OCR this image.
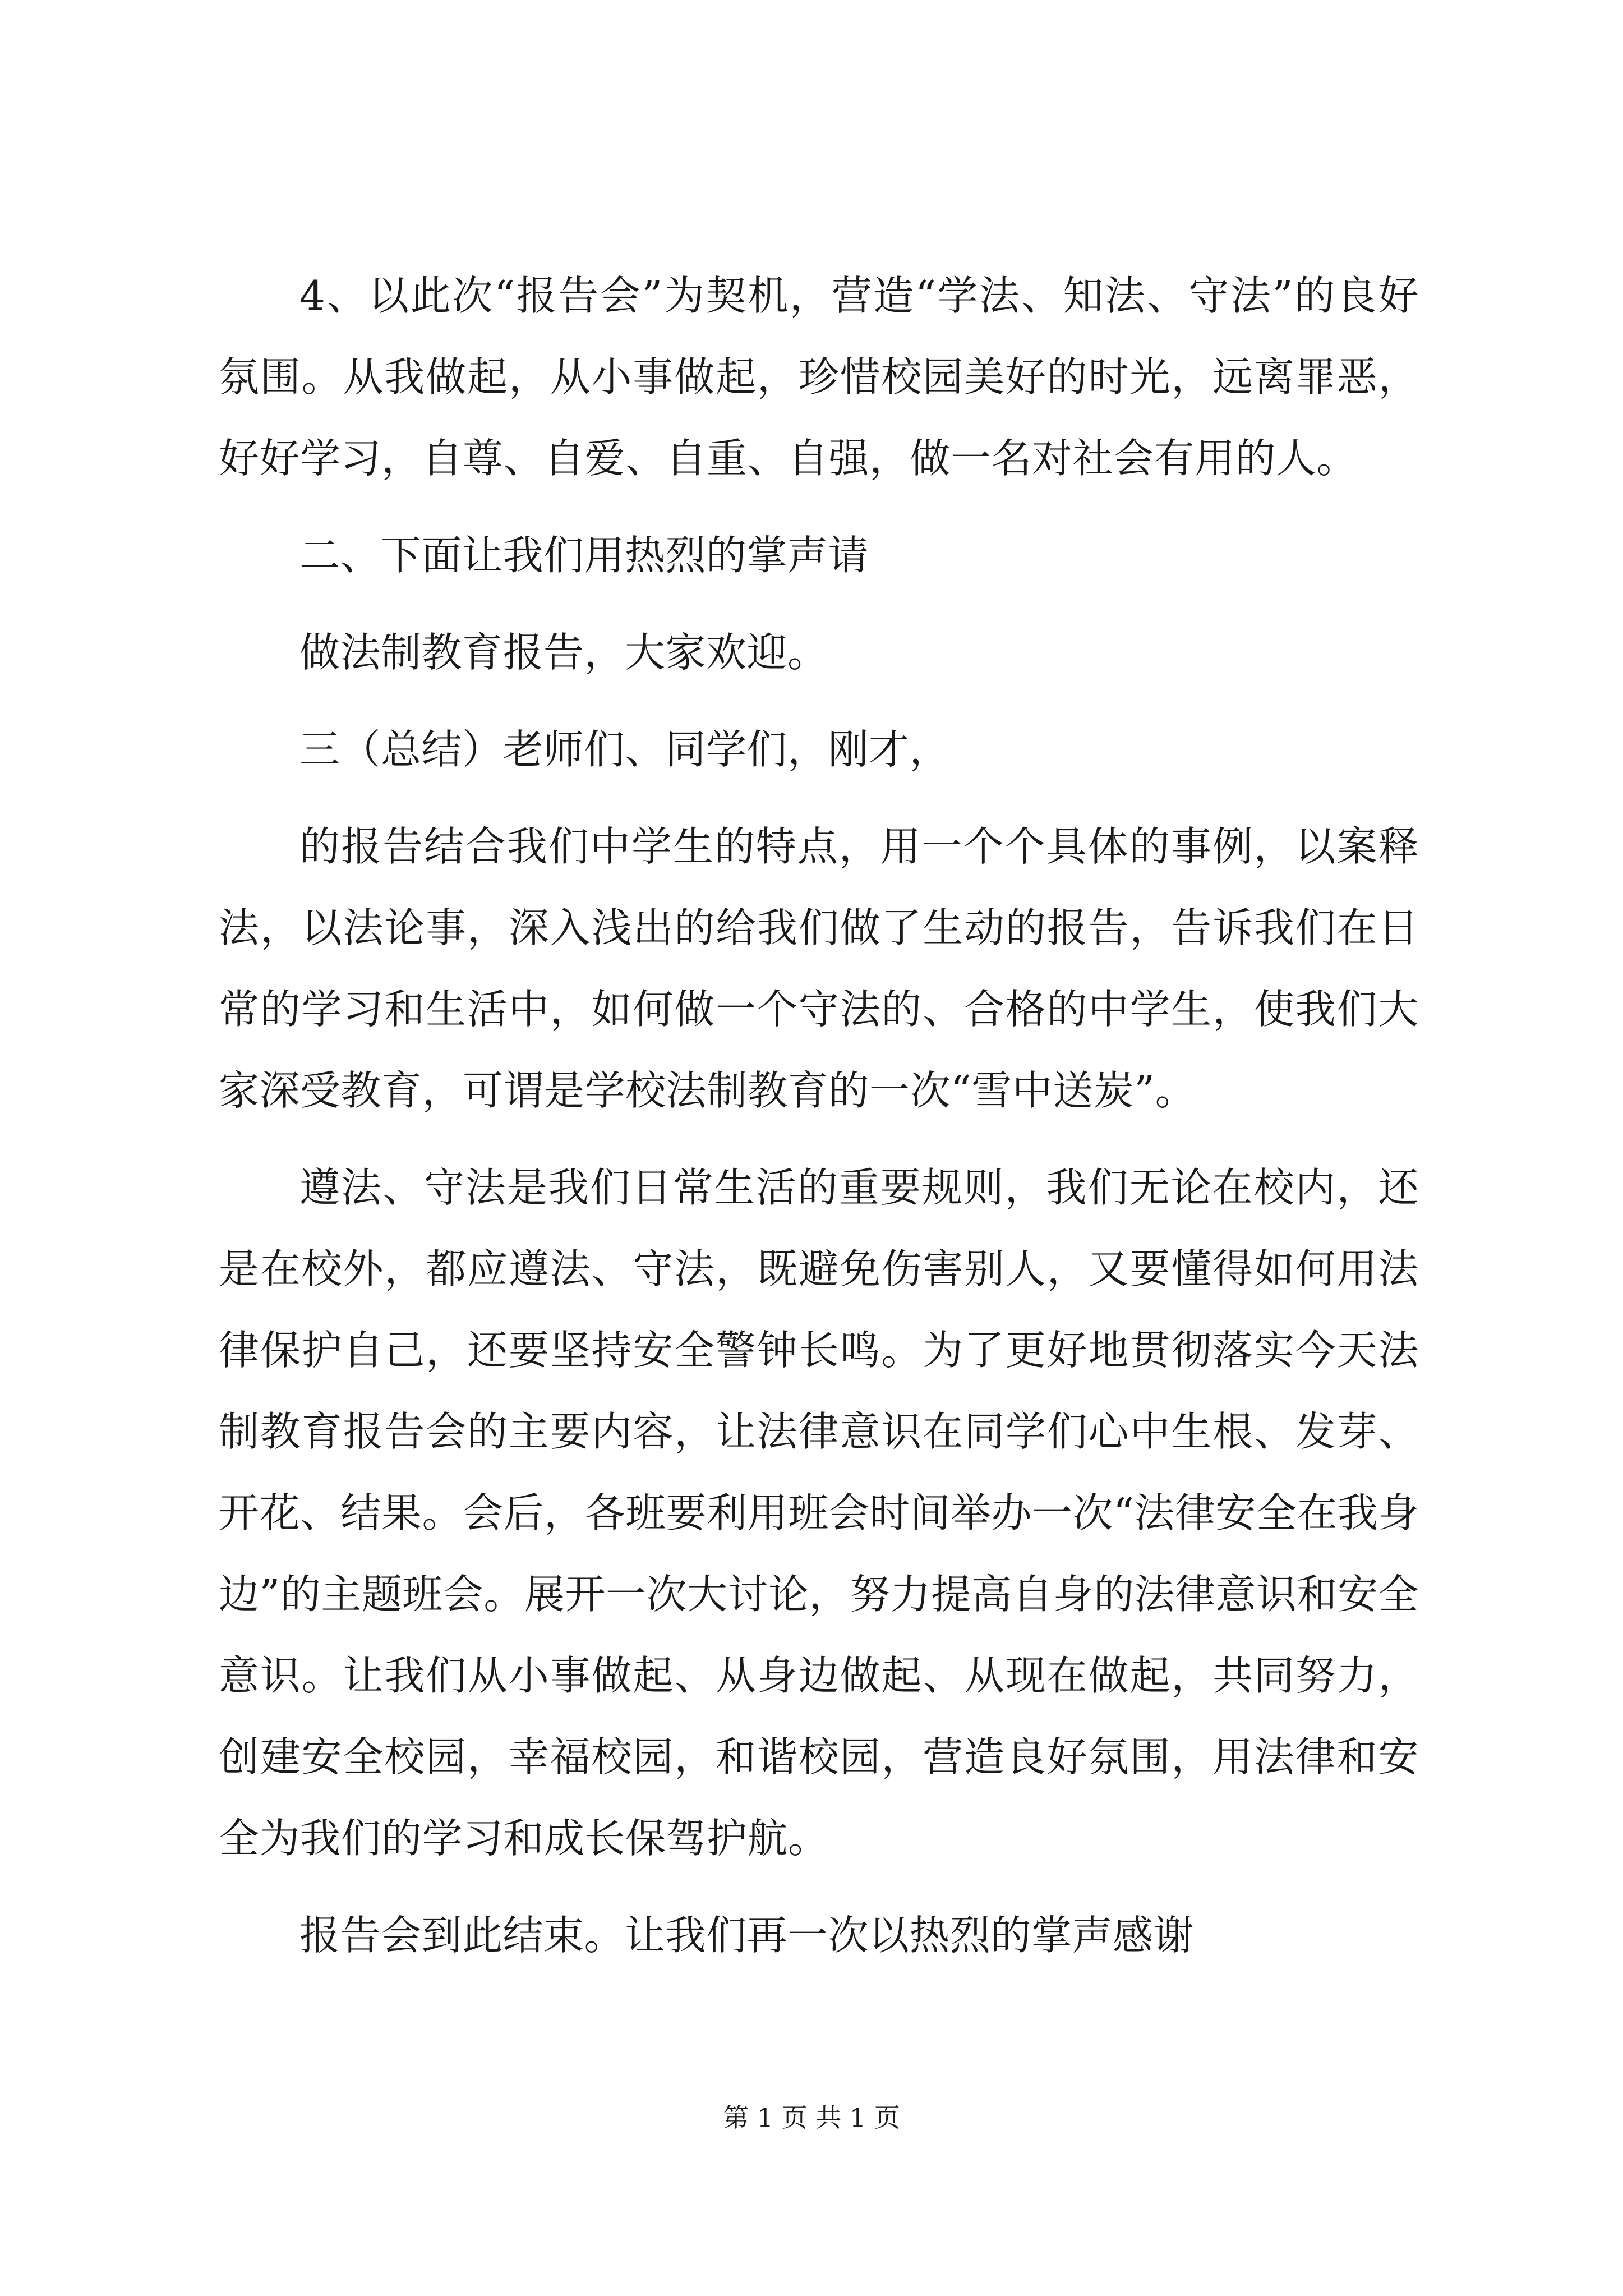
4、以此次“报告会”为契机，营造“学法、知法、守法”的良好氛围。从我做起，从小事做起，珍惜校园美好的时光，远离罪恶，好好学习，自尊、自爱、自重、自强，做一名对社会有用的人。

二、下面让我们用热烈的掌声请

做法制教育报告，大家欢迎。

三（总结）老师们、同学们，刚才，

的报告结合我们中学生的特点，用一个个具体的事例，以案释法，以法论事，深入浅出的给我们做了生动的报告，告诉我们在日常的学习和生活中，如何做一个守法的、合格的中学生，使我们大家深受教育，可谓是学校法制教育的一次“雪中送炭”。

遵法、守法是我们日常生活的重要规则，我们无论在校内，还是在校外，都应遵法、守法，既避免伤害别人，又要懂得如何用法律保护自己，还要坚持安全警钟长鸣。为了更好地贯彻落实今天法制教育报告会的主要内容，让法律意识在同学们心中生根、发芽、开花、结果。会后，各班要利用班会时间举办一次“法律安全在我身边”的主题班会。展开一次大讨论，努力提高自身的法律意识和安全意识。让我们从小事做起、从身边做起、从现在做起，共同努力，创建安全校园，幸福校园，和谐校园，营造良好氛围，用法律和安全为我们的学习和成长保驾护航。

报告会到此结束。让我们再一次以热烈的掌声感谢

第 1 页 共 1 页
